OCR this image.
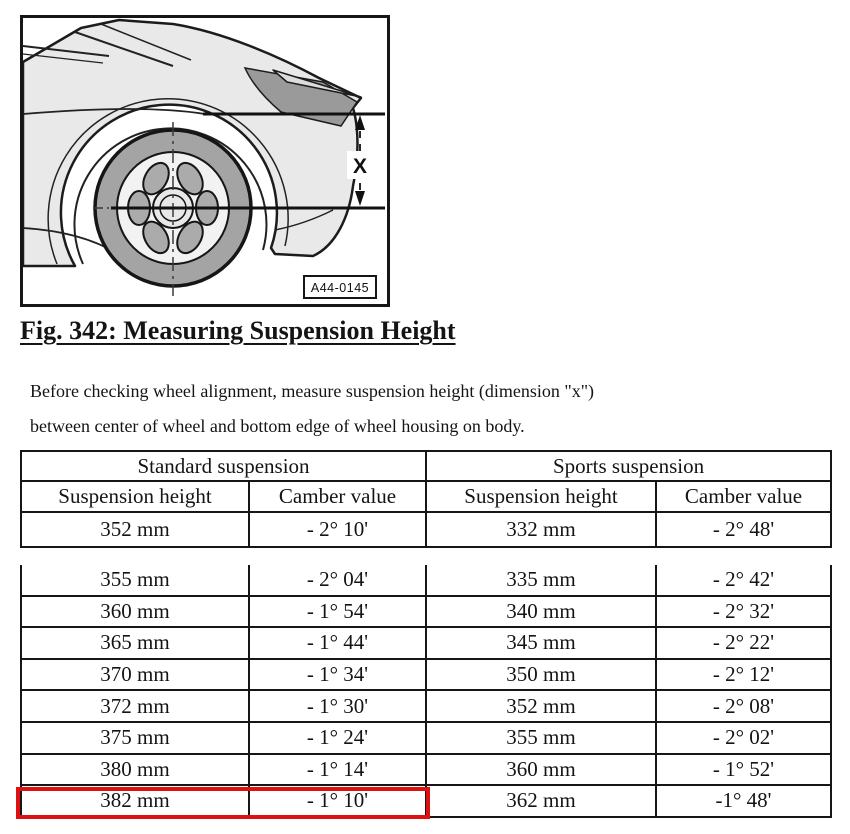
X
A44-0145
Fig. 342: Measuring Suspension Height
Before checking wheel alignment, measure suspension height (dimension "x")
between center of wheel and bottom edge of wheel housing on body.
Standard suspension		Sports suspension	
Suspension height	Camber value	Suspension height	Camber value
352 mm	- 2° 10'	332 mm	- 2° 48'
355 mm	- 2° 04'	335 mm	- 2° 42'
360 mm	- 1° 54'	340 mm	- 2° 32'
365 mm	- 1° 44'	345 mm	- 2° 22'
370 mm	- 1° 34'	350 mm	- 2° 12'
372 mm	- 1° 30'	352 mm	- 2° 08'
375 mm	- 1° 24'	355 mm	- 2° 02'
380 mm	- 1° 14'	360 mm	- 1° 52'
382 mm	- 1° 10'	362 mm	-1° 48'
